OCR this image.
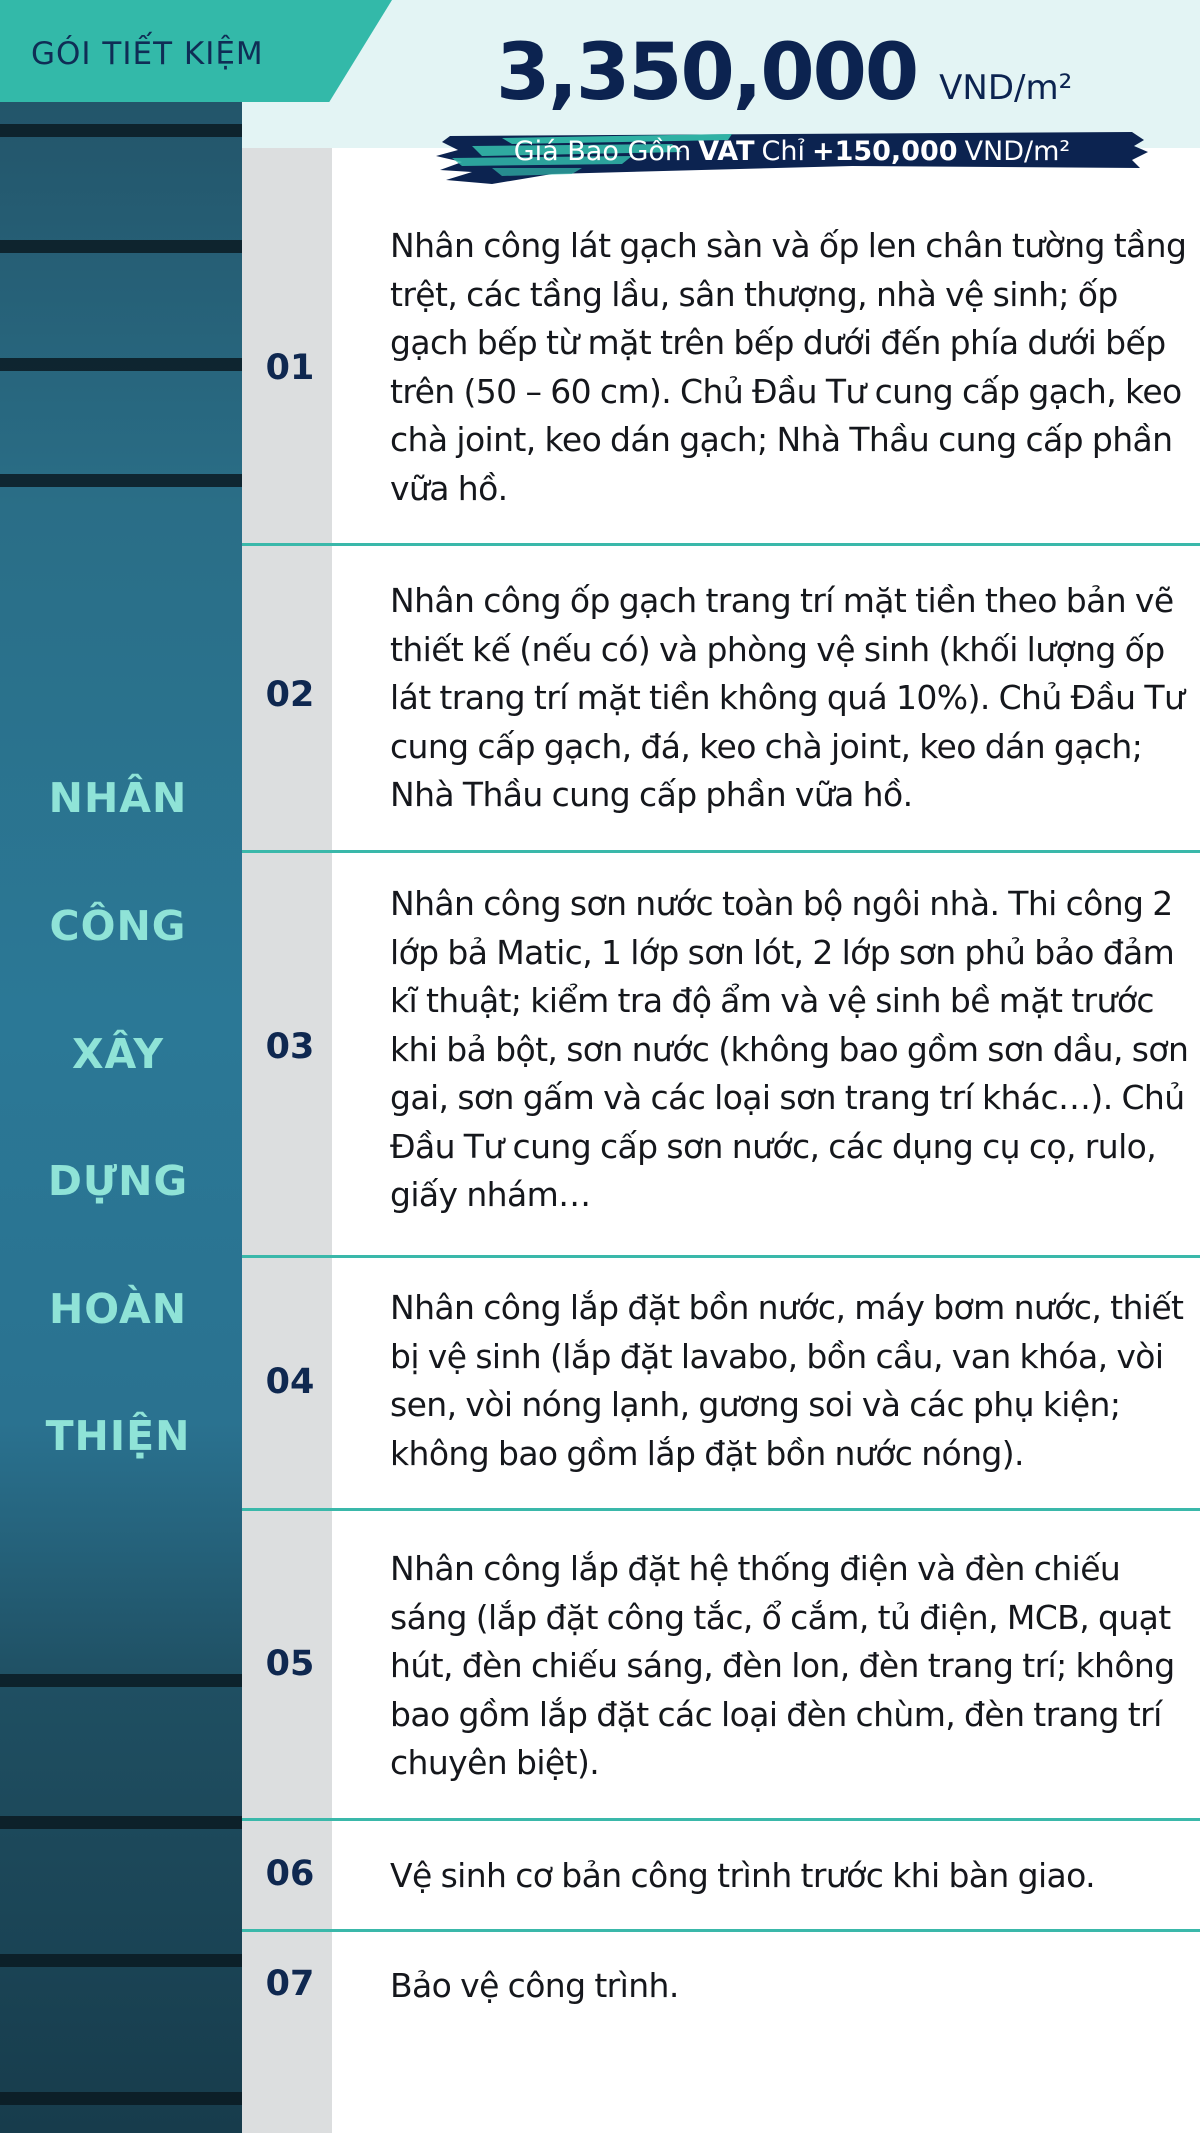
GÓI TIẾT KIỆM	3,350,000 VND/m²
Giá Bao Gồm VAT Chỉ +150,000 VND/m²
NHÂN
CÔNG
XÂY
DỰNG
HOÀN
THIỆN
01
Nhân công lát gạch sàn và ốp len chân tường tầng trệt, các tầng lầu, sân thượng, nhà vệ sinh; ốp gạch bếp từ mặt trên bếp dưới đến phía dưới bếp trên (50 – 60 cm). Chủ Đầu Tư cung cấp gạch, keo chà joint, keo dán gạch; Nhà Thầu cung cấp phần vữa hồ.
02
Nhân công ốp gạch trang trí mặt tiền theo bản vẽ thiết kế (nếu có) và phòng vệ sinh (khối lượng ốp lát trang trí mặt tiền không quá 10%). Chủ Đầu Tư cung cấp gạch, đá, keo chà joint, keo dán gạch; Nhà Thầu cung cấp phần vữa hồ.
03
Nhân công sơn nước toàn bộ ngôi nhà. Thi công 2 lớp bả Matic, 1 lớp sơn lót, 2 lớp sơn phủ bảo đảm kĩ thuật; kiểm tra độ ẩm và vệ sinh bề mặt trước khi bả bột, sơn nước (không bao gồm sơn dầu, sơn gai, sơn gấm và các loại sơn trang trí khác…). Chủ Đầu Tư cung cấp sơn nước, các dụng cụ cọ, rulo, giấy nhám…
04
Nhân công lắp đặt bồn nước, máy bơm nước, thiết bị vệ sinh (lắp đặt lavabo, bồn cầu, van khóa, vòi sen, vòi nóng lạnh, gương soi và các phụ kiện; không bao gồm lắp đặt bồn nước nóng).
05
Nhân công lắp đặt hệ thống điện và đèn chiếu sáng (lắp đặt công tắc, ổ cắm, tủ điện, MCB, quạt hút, đèn chiếu sáng, đèn lon, đèn trang trí; không bao gồm lắp đặt các loại đèn chùm, đèn trang trí chuyên biệt).
06	Vệ sinh cơ bản công trình trước khi bàn giao.
07	Bảo vệ công trình.
